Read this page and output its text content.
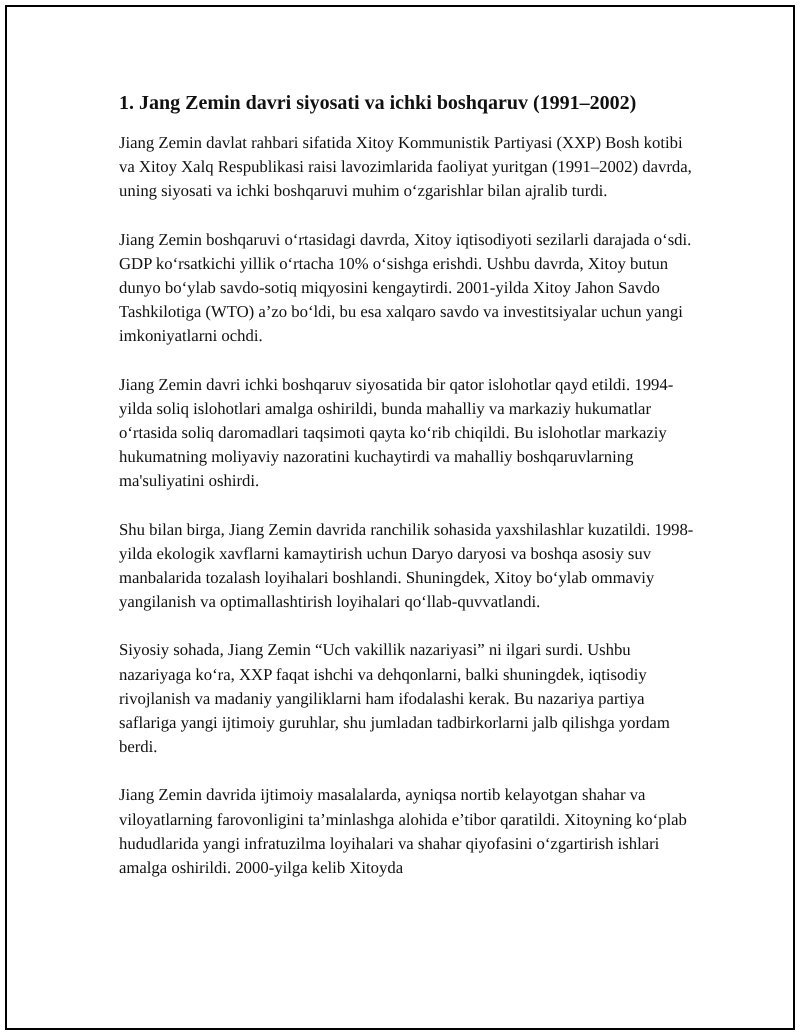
1. Jang Zemin davri siyosati va ichki boshqaruv (1991–2002)

Jiang Zemin davlat rahbari sifatida Xitoy Kommunistik Partiyasi (XXP) Bosh kotibi va Xitoy Xalq Respublikasi raisi lavozimlarida faoliyat yuritgan (1991–2002) davrda, uning siyosati va ichki boshqaruvi muhim o‘zgarishlar bilan ajralib turdi.

Jiang Zemin boshqaruvi o‘rtasidagi davrda, Xitoy iqtisodiyoti sezilarli darajada o‘sdi. GDP ko‘rsatkichi yillik o‘rtacha 10% o‘sishga erishdi. Ushbu davrda, Xitoy butun dunyo bo‘ylab savdo-sotiq miqyosini kengaytirdi. 2001-yilda Xitoy Jahon Savdo Tashkilotiga (WTO) a’zo bo‘ldi, bu esa xalqaro savdo va investitsiyalar uchun yangi imkoniyatlarni ochdi.

Jiang Zemin davri ichki boshqaruv siyosatida bir qator islohotlar qayd etildi. 1994-yilda soliq islohotlari amalga oshirildi, bunda mahalliy va markaziy hukumatlar o‘rtasida soliq daromadlari taqsimoti qayta ko‘rib chiqildi. Bu islohotlar markaziy hukumatning moliyaviy nazoratini kuchaytirdi va mahalliy boshqaruvlarning ma'suliyatini oshirdi.

Shu bilan birga, Jiang Zemin davrida ranchilik sohasida yaxshilashlar kuzatildi. 1998-yilda ekologik xavflarni kamaytirish uchun Daryo daryosi va boshqa asosiy suv manbalarida tozalash loyihalari boshlandi. Shuningdek, Xitoy bo‘ylab ommaviy yangilanish va optimallashtirish loyihalari qo‘llab-quvvatlandi.

Siyosiy sohada, Jiang Zemin “Uch vakillik nazariyasi” ni ilgari surdi. Ushbu nazariyaga ko‘ra, XXP faqat ishchi va dehqonlarni, balki shuningdek, iqtisodiy rivojlanish va madaniy yangiliklarni ham ifodalashi kerak. Bu nazariya partiya saflariga yangi ijtimoiy guruhlar, shu jumladan tadbirkorlarni jalb qilishga yordam berdi.

Jiang Zemin davrida ijtimoiy masalalarda, ayniqsa nortib kelayotgan shahar va viloyatlarning farovonligini ta’minlashga alohida e’tibor qaratildi. Xitoyning ko‘plab hududlarida yangi infratuzilma loyihalari va shahar qiyofasini o‘zgartirish ishlari amalga oshirildi. 2000-yilga kelib Xitoyda
